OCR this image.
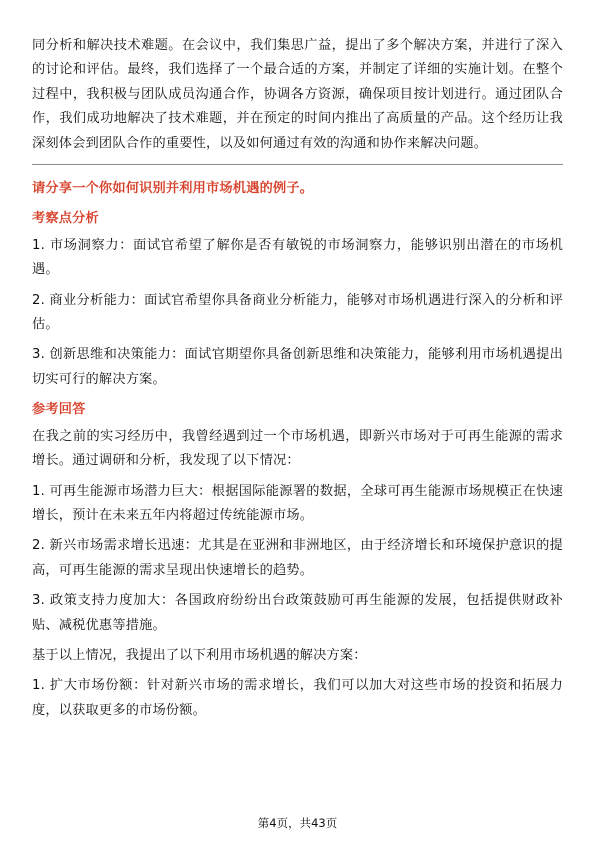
同分析和解决技术难题。在会议中，我们集思广益，提出了多个解决方案，并进行了深入的讨论和评估。最终，我们选择了一个最合适的方案，并制定了详细的实施计划。在整个过程中，我积极与团队成员沟通合作，协调各方资源，确保项目按计划进行。通过团队合作，我们成功地解决了技术难题，并在预定的时间内推出了高质量的产品。这个经历让我深刻体会到团队合作的重要性，以及如何通过有效的沟通和协作来解决问题。

请分享一个你如何识别并利用市场机遇的例子。

考察点分析

1. 市场洞察力：面试官希望了解你是否有敏锐的市场洞察力，能够识别出潜在的市场机遇。

2. 商业分析能力：面试官希望你具备商业分析能力，能够对市场机遇进行深入的分析和评估。

3. 创新思维和决策能力：面试官期望你具备创新思维和决策能力，能够利用市场机遇提出切实可行的解决方案。

参考回答

在我之前的实习经历中，我曾经遇到过一个市场机遇，即新兴市场对于可再生能源的需求增长。通过调研和分析，我发现了以下情况：

1. 可再生能源市场潜力巨大：根据国际能源署的数据，全球可再生能源市场规模正在快速增长，预计在未来五年内将超过传统能源市场。

2. 新兴市场需求增长迅速：尤其是在亚洲和非洲地区，由于经济增长和环境保护意识的提高，可再生能源的需求呈现出快速增长的趋势。

3. 政策支持力度加大：各国政府纷纷出台政策鼓励可再生能源的发展，包括提供财政补贴、减税优惠等措施。

基于以上情况，我提出了以下利用市场机遇的解决方案：

1. 扩大市场份额：针对新兴市场的需求增长，我们可以加大对这些市场的投资和拓展力度，以获取更多的市场份额。

第4页，共43页
